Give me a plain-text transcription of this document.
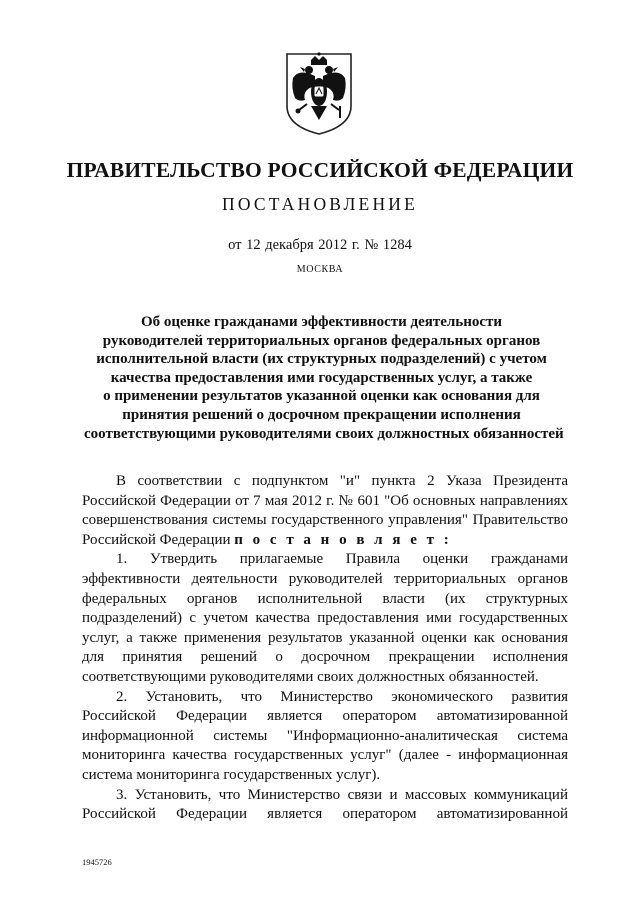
ПРАВИТЕЛЬСТВО РОССИЙСКОЙ ФЕДЕРАЦИИ
ПОСТАНОВЛЕНИЕ
от 12 декабря 2012 г. № 1284
МОСКВА
Об оценке гражданами эффективности деятельности
руководителей территориальных органов федеральных органов
исполнительной власти (их структурных подразделений) с учетом
качества предоставления ими государственных услуг, а также
о применении результатов указанной оценки как основания для
принятия решений о досрочном прекращении исполнения
соответствующими руководителями своих должностных обязанностей
В соответствии с подпунктом "и" пункта 2 Указа Президента
Российской Федерации от 7 мая 2012 г. № 601 "Об основных направлениях
совершенствования системы государственного управления" Правительство
Российской Федерации п о с т а н о в л я е т :
1. Утвердить прилагаемые Правила оценки гражданами
эффективности деятельности руководителей территориальных органов
федеральных органов исполнительной власти (их структурных
подразделений) с учетом качества предоставления ими государственных
услуг, а также применения результатов указанной оценки как основания
для принятия решений о досрочном прекращении исполнения
соответствующими руководителями своих должностных обязанностей.
2. Установить, что Министерство экономического развития
Российской Федерации является оператором автоматизированной
информационной системы "Информационно-аналитическая система
мониторинга качества государственных услуг" (далее - информационная
система мониторинга государственных услуг).
3. Установить, что Министерство связи и массовых коммуникаций
Российской Федерации является оператором автоматизированной
1945726
